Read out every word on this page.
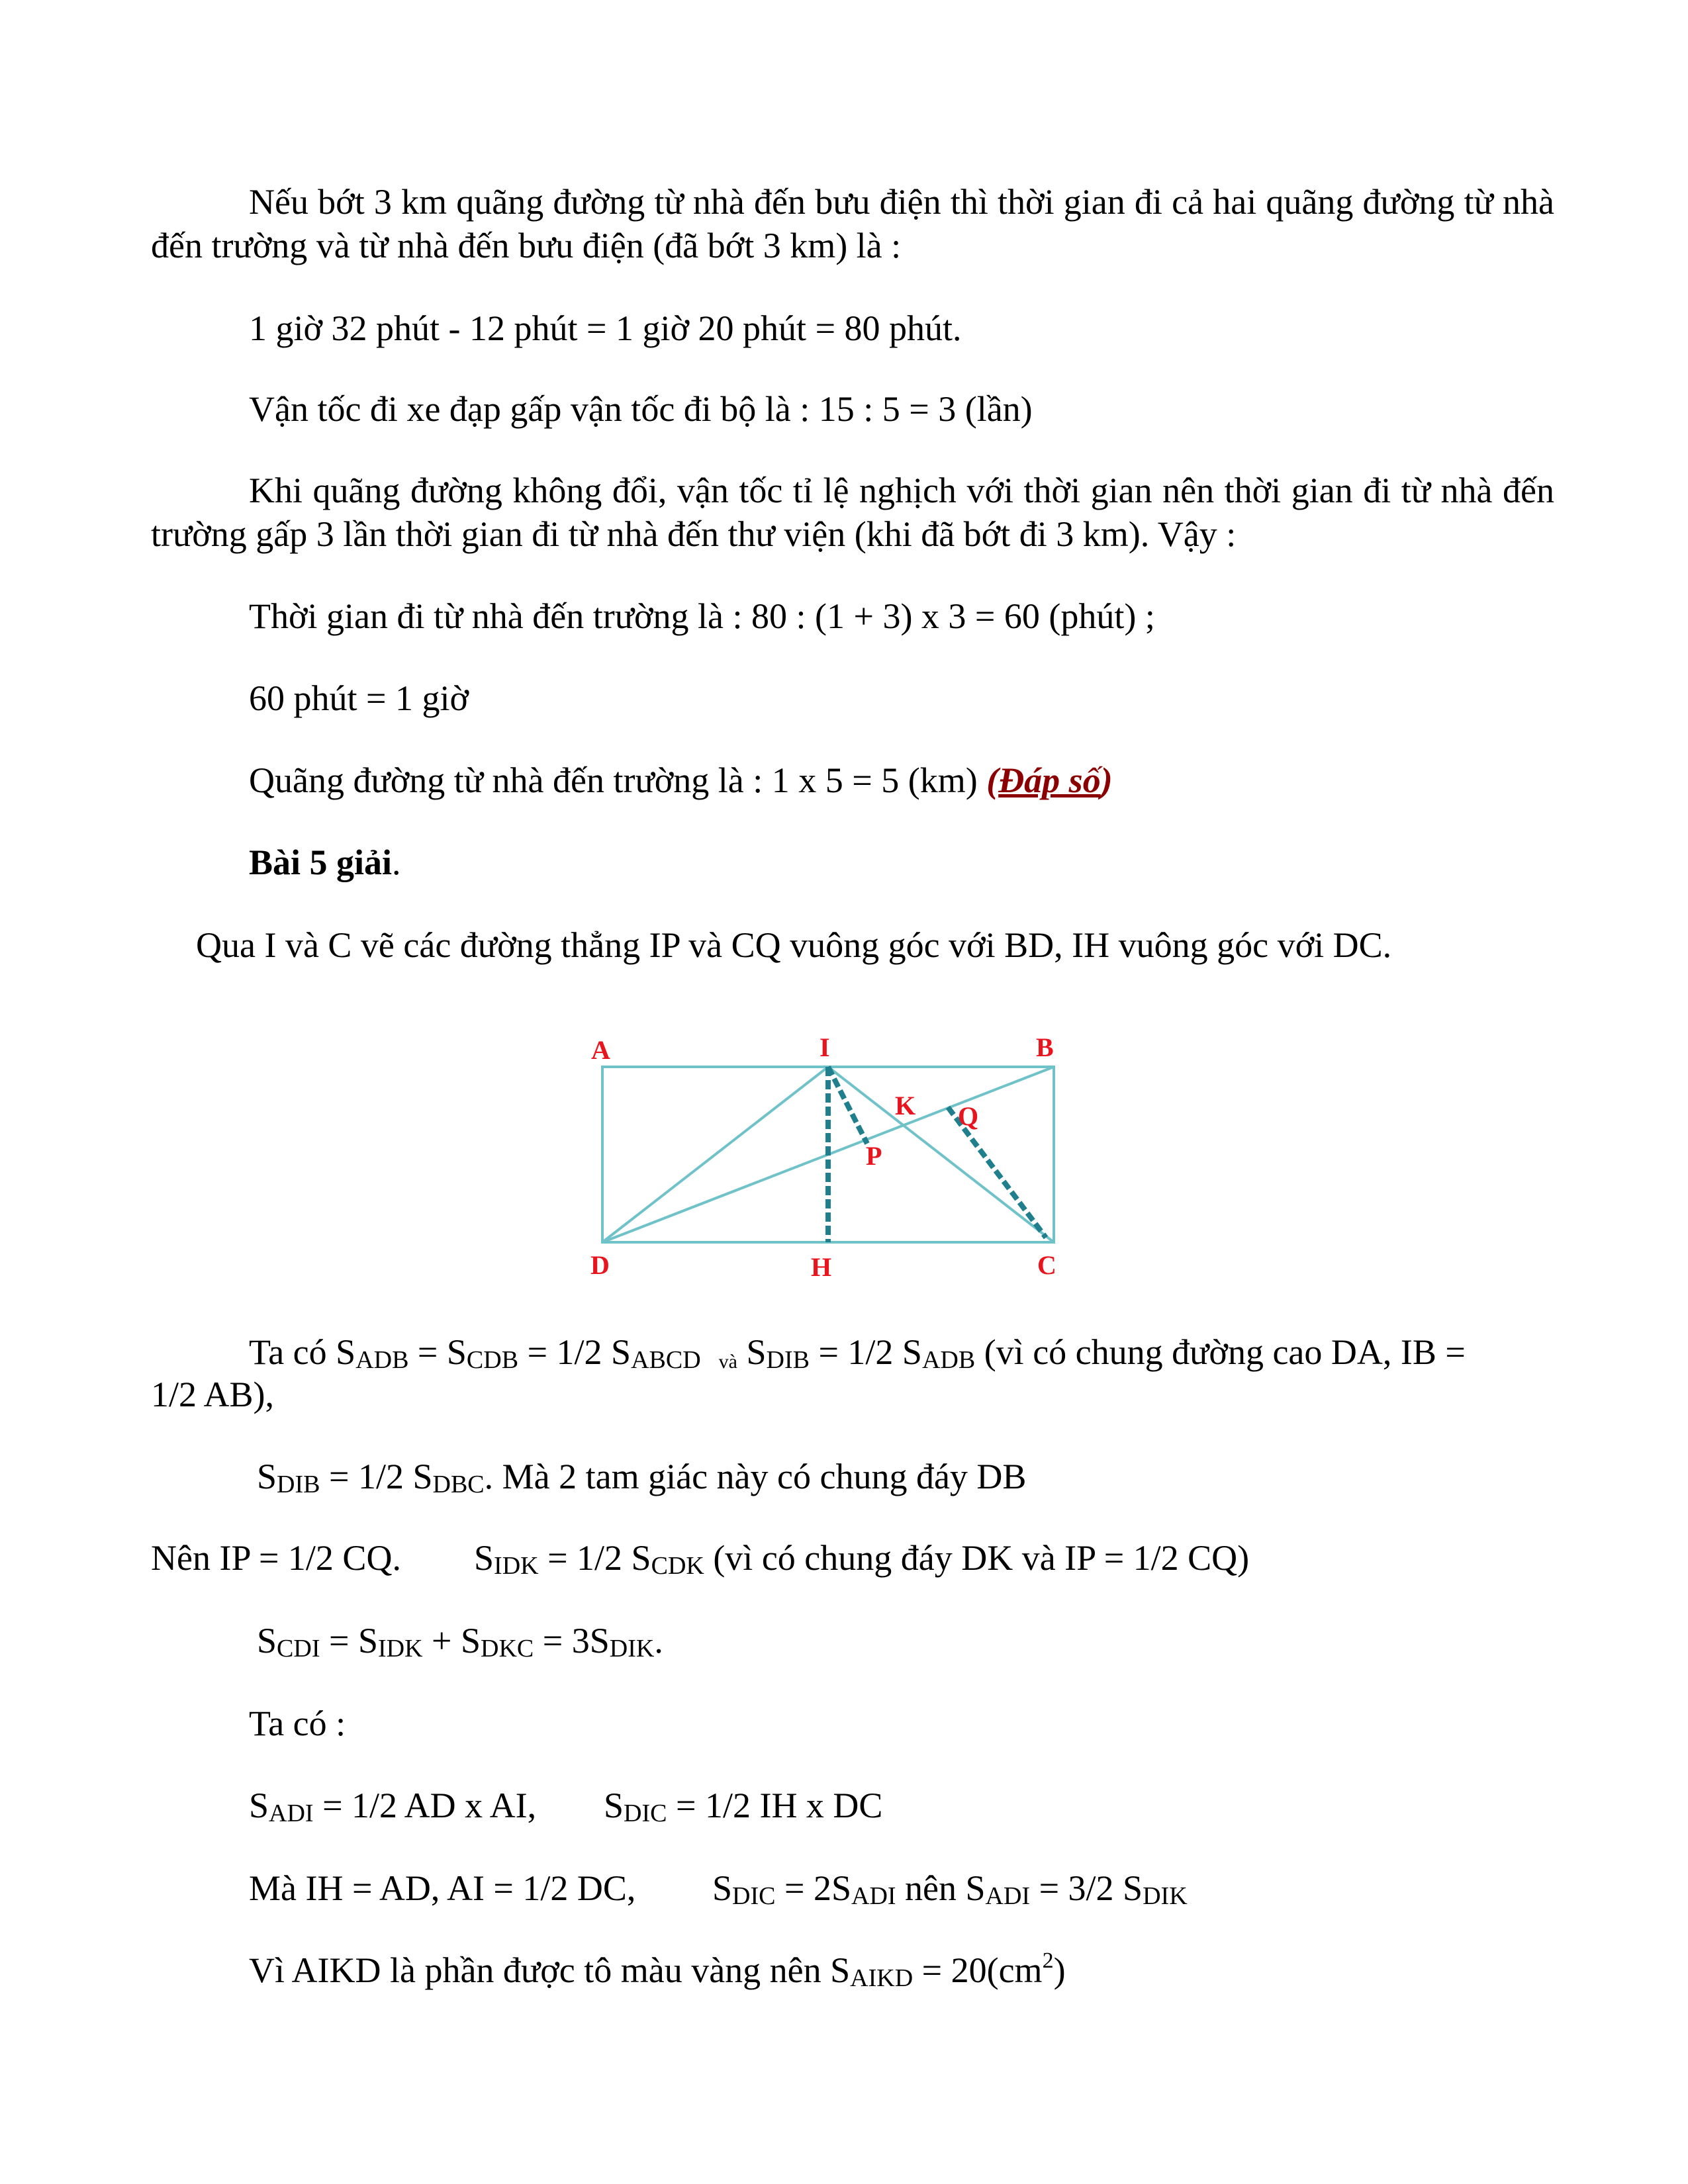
Nếu bớt 3 km quãng đường từ nhà đến bưu điện thì thời gian đi cả hai quãng đường từ nhà đến trường và từ nhà đến bưu điện (đã bớt 3 km) là :
1 giờ 32 phút - 12 phút = 1 giờ 20 phút = 80 phút.
Vận tốc đi xe đạp gấp vận tốc đi bộ là : 15 : 5 = 3 (lần)
Khi quãng đường không đổi, vận tốc tỉ lệ nghịch với thời gian nên thời gian đi từ nhà đến trường gấp 3 lần thời gian đi từ nhà đến thư viện (khi đã bớt đi 3 km). Vậy :
Thời gian đi từ nhà đến trường là : 80 : (1 + 3) x 3 = 60 (phút) ;
60 phút = 1 giờ
Quãng đường từ nhà đến trường là : 1 x 5 = 5 (km) (Đáp số)
Bài 5 giải.
Qua I và C vẽ các đường thẳng IP và CQ vuông góc với BD, IH vuông góc với DC.
A	I	B
K Q
P
D	H	C
Ta có SADB = SCDB = 1/2 SABCD và SDIB = 1/2 SADB (vì có chung đường cao DA, IB =
1/2 AB),
SDIB = 1/2 SDBC. Mà 2 tam giác này có chung đáy DB
Nên IP = 1/2 CQ. SIDK = 1/2 SCDK (vì có chung đáy DK và IP = 1/2 CQ)
SCDI = SIDK + SDKC = 3SDIK.
Ta có :
SADI = 1/2 AD x AI, SDIC = 1/2 IH x DC
Mà IH = AD, AI = 1/2 DC, SDIC = 2SADI nên SADI = 3/2 SDIK
Vì AIKD là phần được tô màu vàng nên SAIKD = $20(cm^2)$
